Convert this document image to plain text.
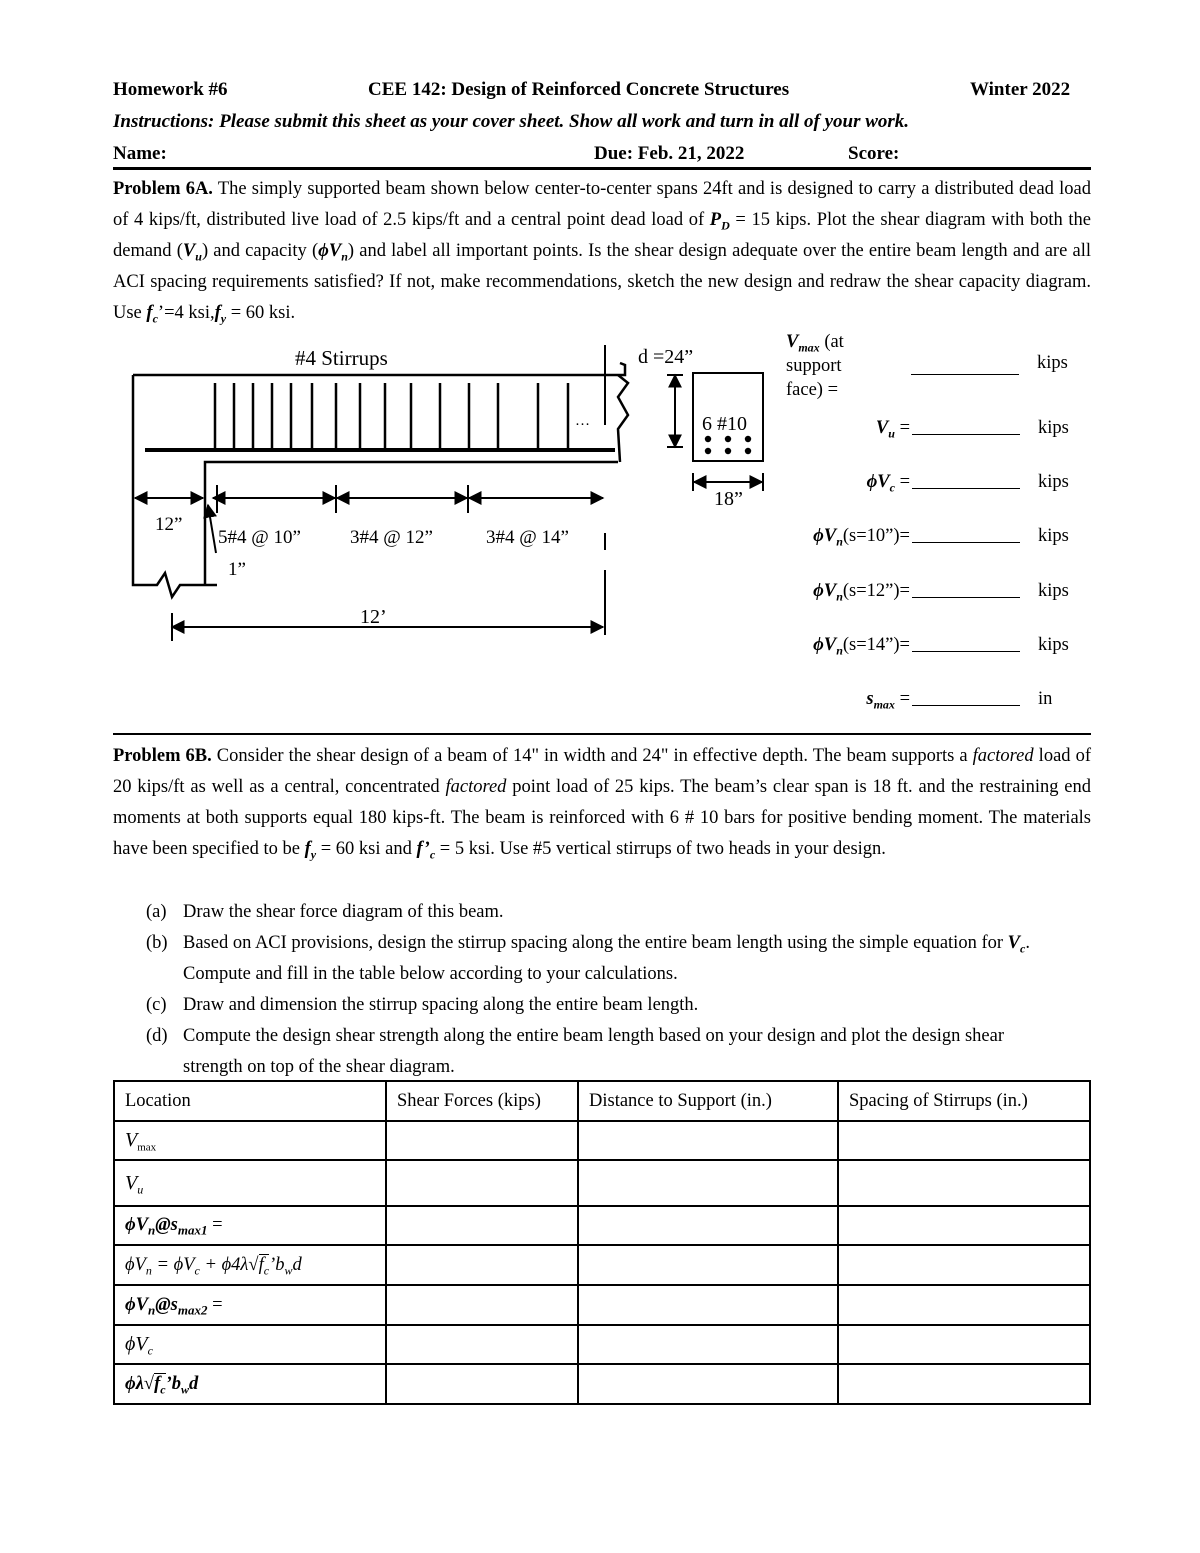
Homework #6	CEE 142: Design of Reinforced Concrete Structures	Winter 2022
Instructions: Please submit this sheet as your cover sheet. Show all work and turn in all of your work.
Name:	Due: Feb. 21, 2022	Score:
Problem 6A. The simply supported beam shown below center-to-center spans 24ft and is designed to carry a distributed dead load of 4 kips/ft, distributed live load of 2.5 kips/ft and a central point dead load of $P_D = 15$ kips. Plot the shear diagram with both the demand $(V_u)$ and capacity $(\phi V_n)$ and label all important points. Is the shear design adequate over the entire beam length and are all ACI spacing requirements satisfied? If not, make recommendations, sketch the new design and redraw the shear capacity diagram. Use $f_c’=4$ $ksi,f_y = 60$ ksi.
…
#4 Stirrups
12”
5#4 @ 10”	3#4 @ 12”	3#4 @ 14”
1”
12’
d =24”
6 #10
18”
$V_{max}$ (at
support
face) =
kips
$V_u$ =	kips
$\phi V_c$ =	kips
$\phi V_n(s=10”)=$	kips
$\phi V_n(s=12”)=$	kips
$\phi V_n(s=14”)=$	kips
$s_{max}$ =	in
Problem 6B. Consider the shear design of a beam of 14" in width and 24" in effective depth. The beam supports a factored load of 20 kips/ft as well as a central, concentrated factored point load of 25 kips. The beam’s clear span is 18 ft. and the restraining end moments at both supports equal 180 kips-ft. The beam is reinforced with 6 # 10 bars for positive bending moment. The materials have been specified to be $f_y = 60$ ksi and $f’_c = 5$ ksi. Use #5 vertical stirrups of two heads in your design.
(a) Draw the shear force diagram of this beam.
(b) Based on ACI provisions, design the stirrup spacing along the entire beam length using the simple equation for $V_c$. Compute and fill in the table below according to your calculations.
(c) Draw and dimension the stirrup spacing along the entire beam length.
(d) Compute the design shear strength along the entire beam length based on your design and plot the design shear strength on top of the shear diagram.
Location	Shear Forces (kips)	Distance to Support (in.)	Spacing of Stirrups (in.)
$V_{max}$			
$V_u$			
$\phi V_n@s_{max1}$ =			
$\phi V_n = \phi V_c$ + $\phi 4\lambda√f_c’b_wd$			
$\phi V_n@s_{max2}$ =			
$\phi V_c$			
$\phi\lambda√f_c’b_wd$			
